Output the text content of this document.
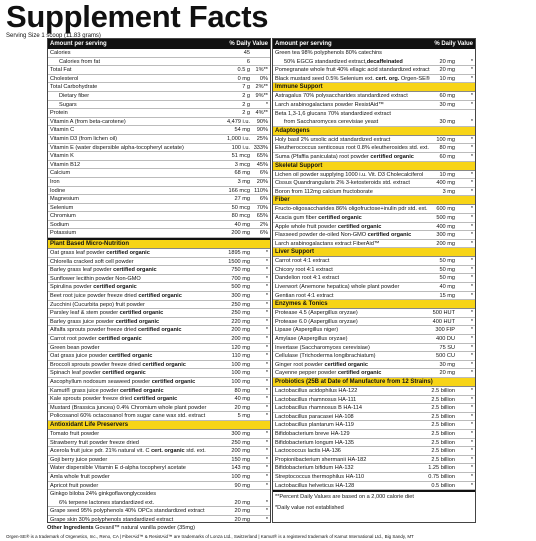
Supplement Facts
Serving Size 1 scoop (11.83 grams)
Amount per serving	% Daily Value
Calories	45
Calories from fat	6
Total Fat	0.5 g 1%**
Cholesterol	0 mg	0%
Total Carbohydrate	7 g 2%**
Dietary fiber	2 g 9%**
Sugars	2 g	*
Protein	2 g 4%**
Vitamin A (from beta-carotene)	4,479 i.u.	90%
Vitamin C	54 mg	90%
Vitamin D3 (from lichen oil)	1,000 i.u.	25%
Vitamin E (water dispersible alpha-tocopheryl acetate)	100 i.u. 333%
Vitamin K	51 mcg	65%
Vitamin B12	3 mcg	45%
Calcium	68 mg	6%
Iron	3 mg	20%
Iodine	166 mcg 110%
Magnesium	27 mg	6%
Selenium	50 mcg	70%
Chromium	80 mcg	65%
Sodium	40 mg	2%
Potassium	200 mg	6%
Plant Based Micro-Nutrition
Oat grass leaf powder certified organic	1895 mg	*
Chlorella cracked soft cell powder	1500 mg	*
Barley grass leaf powder certified organic	750 mg	*
Sunflower lecithin powder Non-GMO	700 mg	*
Spirulina powder certified organic	500 mg	*
Beet root juice powder freeze dried certified organic	300 mg	*
Zucchini (Cucurbita pepo) fruit powder	250 mg	*
Parsley leaf & stem powder certified organic	250 mg	*
Barley grass juice powder certified organic	220 mg	*
Alfalfa sprouts powder freeze dried certified organic	200 mg	*
Carrot root powder certified organic	200 mg	*
Green bean powder	120 mg	*
Oat grass juice powder certified organic	110 mg	*
Broccoli sprouts powder freeze dried certified organic	100 mg	*
Spinach leaf powder certified organic	100 mg	*
Ascophyllum nodosum seaweed powder certified organic	100 mg	*
Kamut® grass juice powder certified organic	80 mg	*
Kale sprouts powder freeze dried certified organic	40 mg	*
Mustard (Brassica juncea) 0.4% Chromium whole plant powder	20 mg	*
Policosanol 60% octacosanol from sugar cane wax std. extract	5 mg	*
Antioxidant Life Preservers
Tomato fruit powder	300 mg	*
Strawberry fruit powder freeze dried	250 mg	*
Acerola fruit juice pdr. 21% natural vit. C cert. organic std. ext.	200 mg	*
Goji berry juice powder	150 mg	*
Water dispersible Vitamin E d-alpha tocopheryl acetate	143 mg	*
Amla whole fruit powder	100 mg	*
Apricot fruit powder	90 mg	*
Ginkgo biloba 24% ginkgoflavonglycosides
6% terpene lactones standardized ext.	20 mg	*
Grape seed 95% polyphenols 40% OPCs standardized extract	20 mg	*
Grape skin 30% polyphenols standardized extract	20 mg	*
Amount per serving	% Daily Value
Green tea 98% polyphenols 80% catechins
50% EGCG standardized extract,decaffeinated	20 mg	*
Pomegranate whole fruit 40% ellagic acid standardized extract	20 mg	*
Black mustard seed 0.5% Selenium ext. cert. org. Orgen-SE®	10 mg	*
Immune Support
Astragalus 70% polysaccharides standardized extract	60 mg	*
Larch arabinogalactans powder ResistAid™	30 mg	*
Beta 1,3-1,6 glucans 70% standardized extract
from Saccharomyces cerevisiae yeast	30 mg	*
Adaptogens
Holy basil 2% ursolic acid standardized extract	100 mg	*
Eleutherococcus senticosus root 0.8% eleutherosides std. ext.	80 mg	*
Suma (Pfaffia paniculata) root powder certified organic	60 mg	*
Skeletal Support
Lichen oil powder supplying 1000 i.u. Vit. D3 Cholecalciferol	10 mg	*
Cissus Quandrangularis 2% 3-ketosteroids std. extract	400 mg	*
Boron from 112mg calcium fructoborate	3 mg	*
Fiber
Fructo-oligosaccharides 86% oligofructose+inulin pdr std. ext.	600 mg	*
Acacia gum fiber certified organic	500 mg	*
Apple whole fruit powder certified organic	400 mg	*
Flaxseed powder de-oiled Non-GMO certified organic	300 mg	*
Larch arabinogalactans extract FiberAid™	200 mg	*
Liver Support
Carrot root 4:1 extract	50 mg	*
Chicory root 4:1 extract	50 mg	*
Dandelion root 4:1 extract	50 mg	*
Liverwort (Anemone hepatica) whole plant powder	40 mg	*
Gentian root 4:1 extract	15 mg	*
Enzymes & Tonics
Protease 4.5 (Aspergillus oryzae)	500 HUT	*
Protease 6.0 (Aspergillus oryzae)	400 HUT	*
Lipase (Aspergillus niger)	300 FIP	*
Amylase (Aspergillus oryzae)	400 DU	*
Invertase (Saccharomyces cerevisiae)	75 SU	*
Cellulase (Trichoderma longibrachiatum)	500 CU	*
Ginger root powder certified organic	30 mg	*
Cayenne pepper powder certified organic	20 mg	*
Probiotics (25B at Date of Manufacture from 12 Strains)
Lactobacillus acidophilus HA-122	2.5 billion	*
Lactobacillus rhamnosus HA-111	2.5 billion	*
Lactobacillus rhamnosus B HA-114	2.5 billion	*
Lactobacillus paracasei HA-108	2.5 billion	*
Lactobacillus plantarum HA-119	2.5 billion	*
Bifidobacterium breve HA-129	2.5 billion	*
Bifidobacterium longum HA-135	2.5 billion	*
Lactococcus lactis HA-136	2.5 billion	*
Propionibacterium shermanii HA-182	2.5 billion	*
Bifidobacterium bifidum HA-132	1.25 billion	*
Streptococcus thermophilus HA-110	0.75 billion	*
Lactobacillus helveticus HA-128	0.5 billion	*
**Percent Daily Values are based on a 2,000 calorie diet
*Daily value not established
Other Ingredients Govanil™ natural vanilla powder (35mg)
Orgen-SE® is a trademark of Orgenetics, Inc., Reno, CA | FiberAid™ & ResistAid™ are trademarks of Lonza Ltd., Switzerland | Kamut® is a registered trademark of Kamut International Ltd., Big Sandy, MT
